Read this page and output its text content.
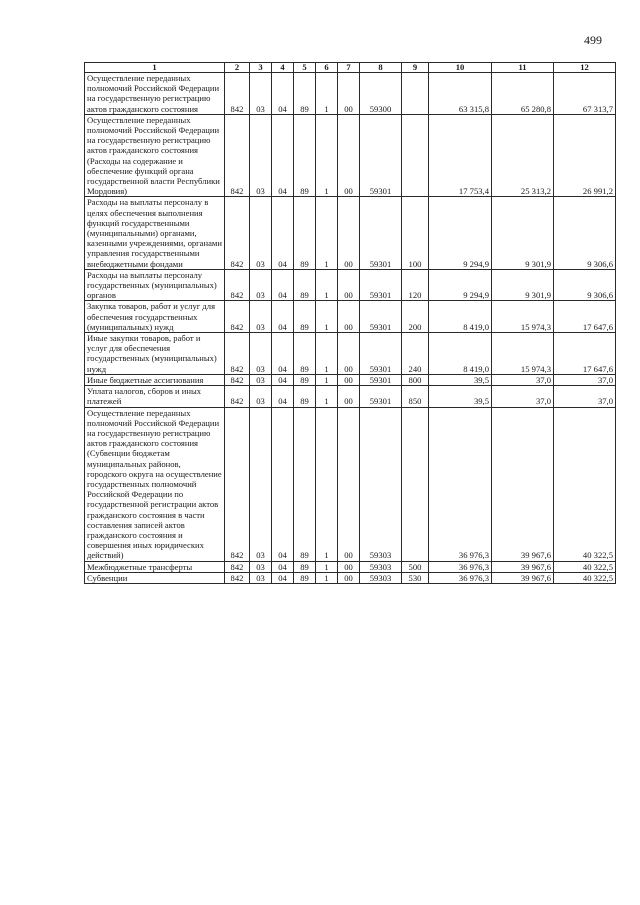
499
1	2	3	4	5	6	7	8	9	10	11	12
Осуществление переданных полномочий Российской Федерации на государственную регистрацию актов гражданского состояния	842	03	04	89	1	00	59300		63 315,8	65 280,8	67 313,7
Осуществление переданных полномочий Российской Федерации на государственную регистрацию актов гражданского состояния (Расходы на содержание и обеспечение функций органа государственной власти Республики Мордовия)	842	03	04	89	1	00	59301		17 753,4	25 313,2	26 991,2
Расходы на выплаты персоналу в целях обеспечения выполнения функций государственными (муниципальными) органами, казенными учреждениями, органами управления государственными внебюджетными фондами	842	03	04	89	1	00	59301	100	9 294,9	9 301,9	9 306,6
Расходы на выплаты персоналу государственных (муниципальных) органов	842	03	04	89	1	00	59301	120	9 294,9	9 301,9	9 306,6
Закупка товаров, работ и услуг для обеспечения государственных (муниципальных) нужд	842	03	04	89	1	00	59301	200	8 419,0	15 974,3	17 647,6
Иные закупки товаров, работ и услуг для обеспечения государственных (муниципальных) нужд	842	03	04	89	1	00	59301	240	8 419,0	15 974,3	17 647,6
Иные бюджетные ассигнования	842	03	04	89	1	00	59301	800	39,5	37,0	37,0
Уплата налогов, сборов и иных платежей	842	03	04	89	1	00	59301	850	39,5	37,0	37,0
Осуществление переданных полномочий Российской Федерации на государственную регистрацию актов гражданского состояния (Субвенции бюджетам муниципальных районов, городского округа на осуществление государственных полномочий Российской Федерации по государственной регистрации актов гражданского состояния в части составления записей актов гражданского состояния и совершения иных юридических действий)	842	03	04	89	1	00	59303		36 976,3	39 967,6	40 322,5
Межбюджетные трансферты	842	03	04	89	1	00	59303	500	36 976,3	39 967,6	40 322,5
Субвенции	842	03	04	89	1	00	59303	530	36 976,3	39 967,6	40 322,5
